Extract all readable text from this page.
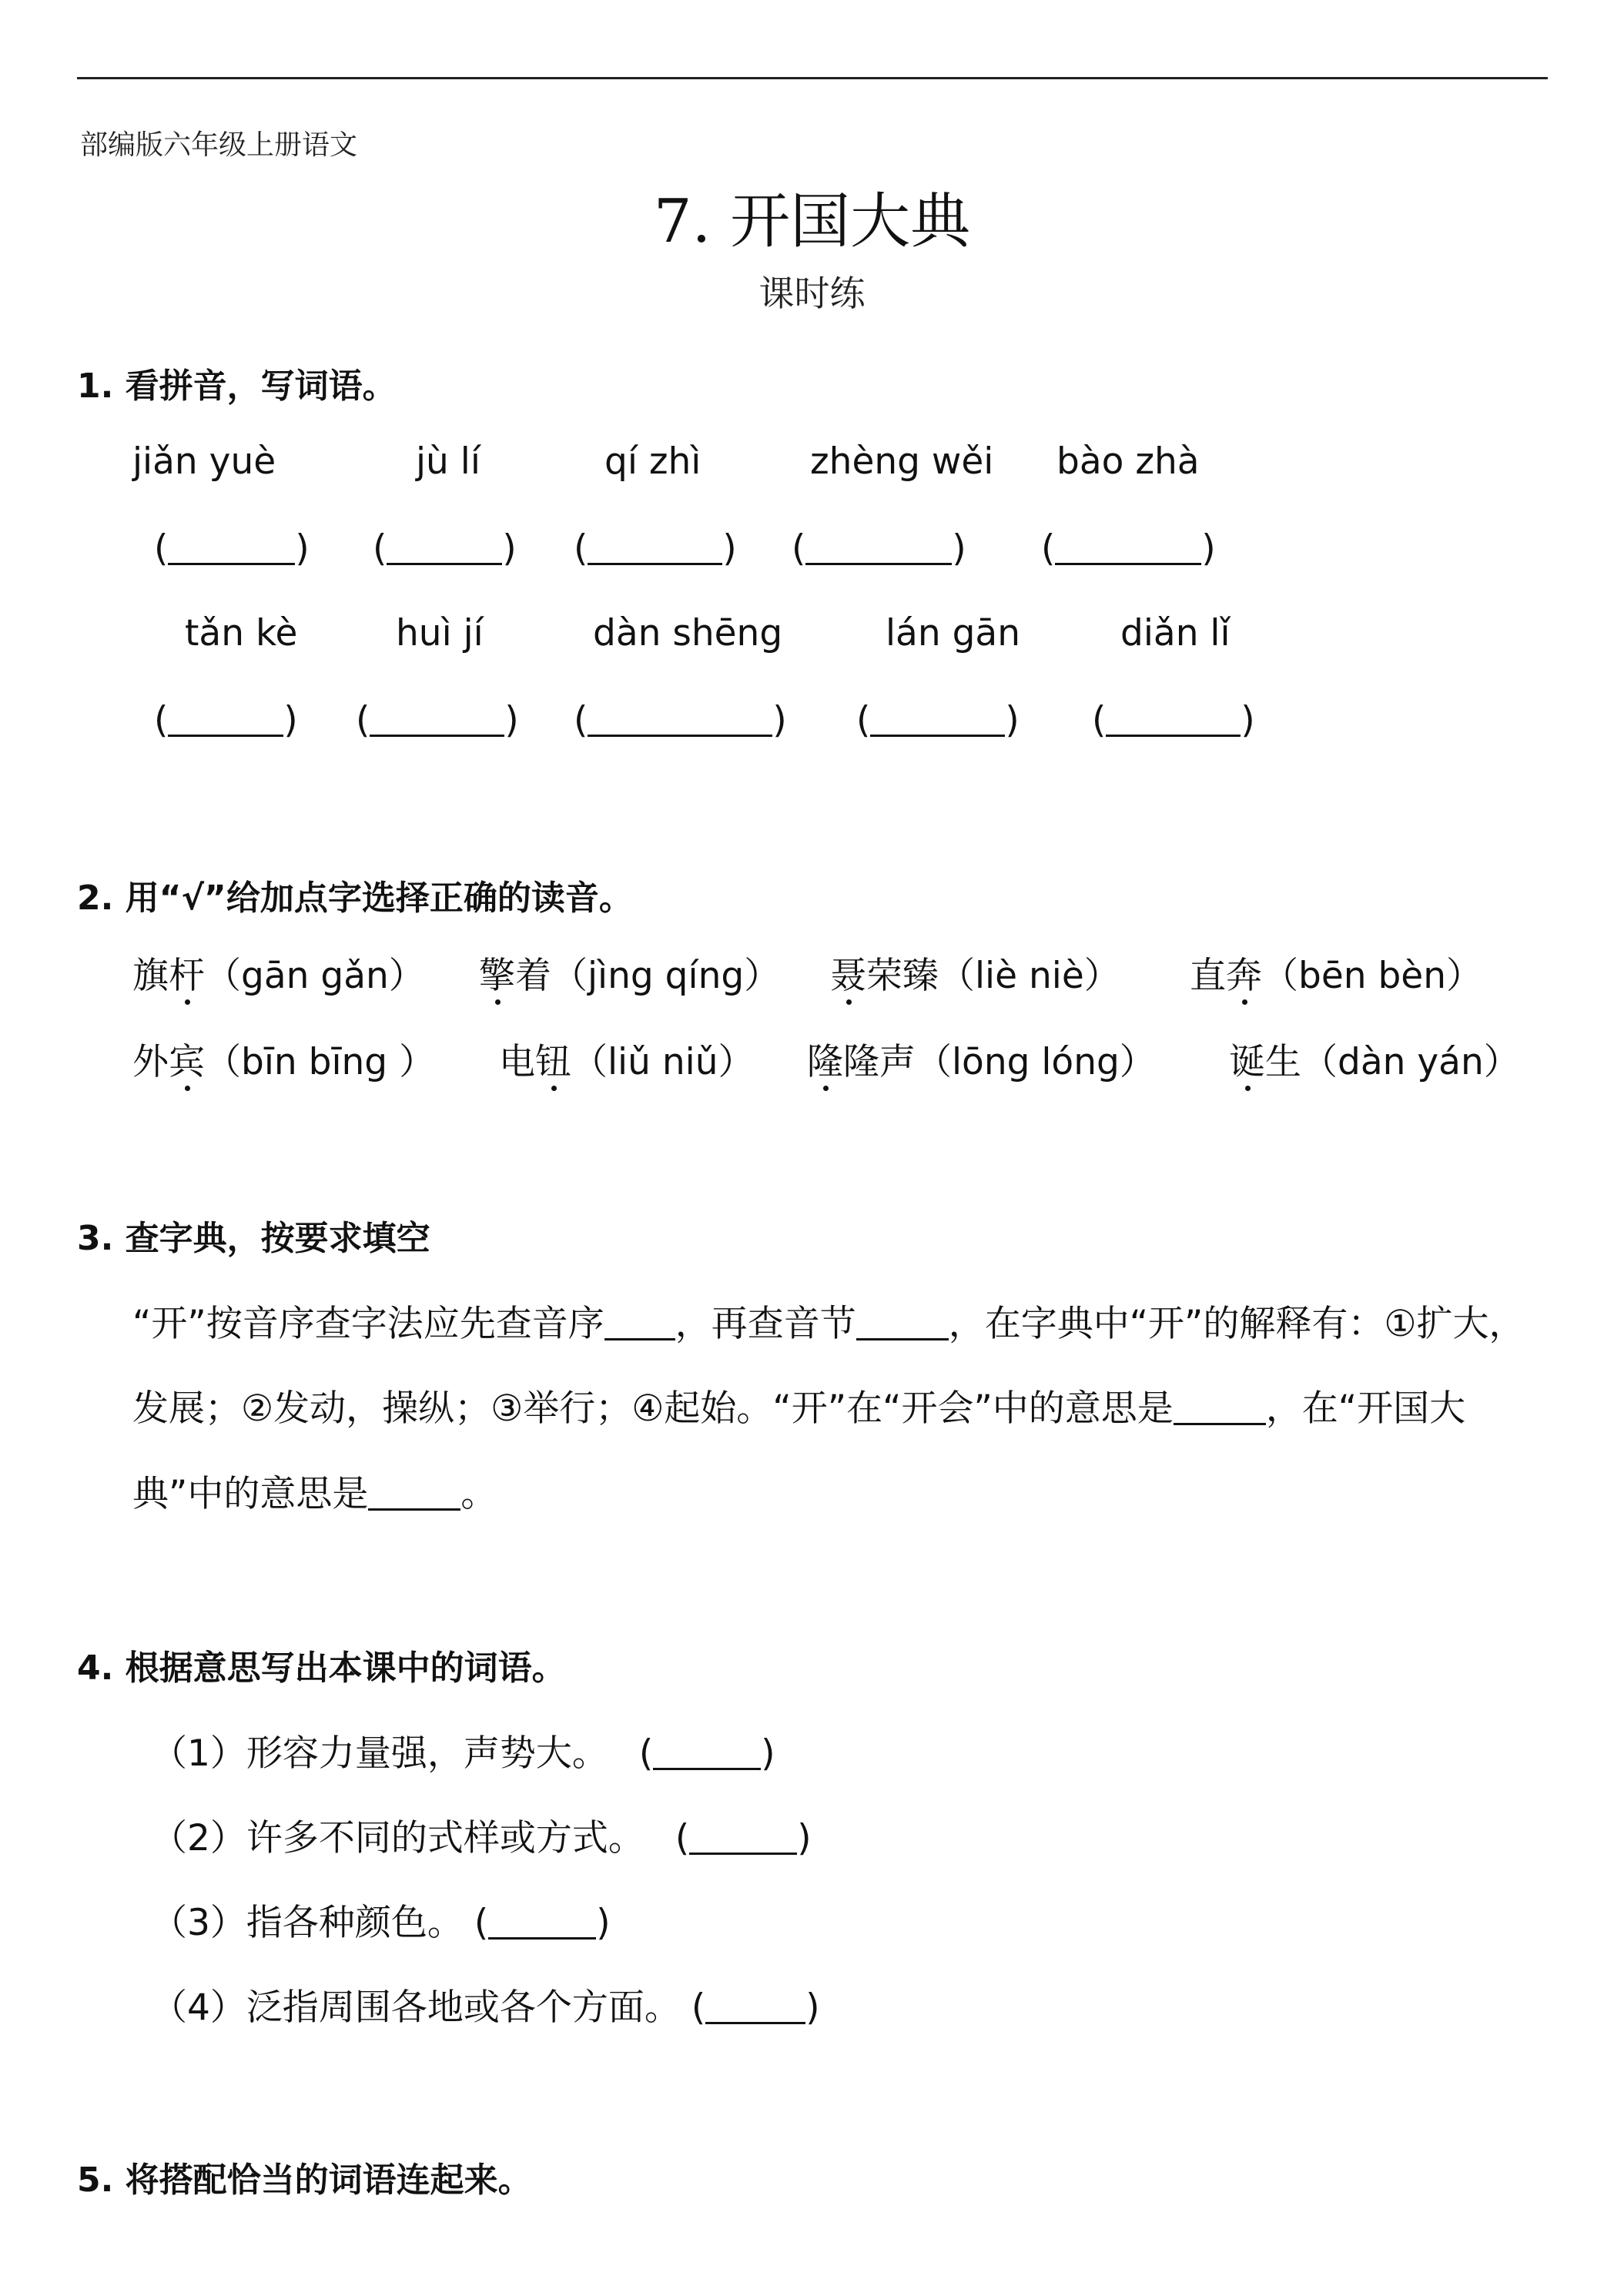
部编版六年级上册语文
7. 开国大典
课时练
1. 看拼音，写词语。
jiǎn yuè	jù lí	qí zhì	zhèng wěi bào zhà
(	) (	) (	) (	) (	)
tǎn kè	huì jí	dàn shēng	lán gān	diǎn lǐ
(	) (	) (	) (	) (	)
2. 用“√”给加点字选择正确的读音。
旗杆（gān gǎn） 擎着（jìng qíng） 聂荣臻（liè niè） 直奔（bēn bèn）
外宾（bīn bīng ） 电钮（liǔ niǔ） 隆隆声（lōng lóng） 诞生（dàn yán）
3. 查字典，按要求填空
“开”按音序查字法应先查音序 ，再查音节	，在字典中“开”的解释有：①扩大，
发展；②发动，操纵；③举行；④起始。“开”在“开会”中的意思是	，在“开国大
典”中的意思是	。
4. 根据意思写出本课中的词语。
（1）形容力量强，声势大。 (	)
（2）许多不同的式样或方式。 (	)
（3）指各种颜色。 (	)
（4）泛指周围各地或各个方面。 (	)
5. 将搭配恰当的词语连起来。
